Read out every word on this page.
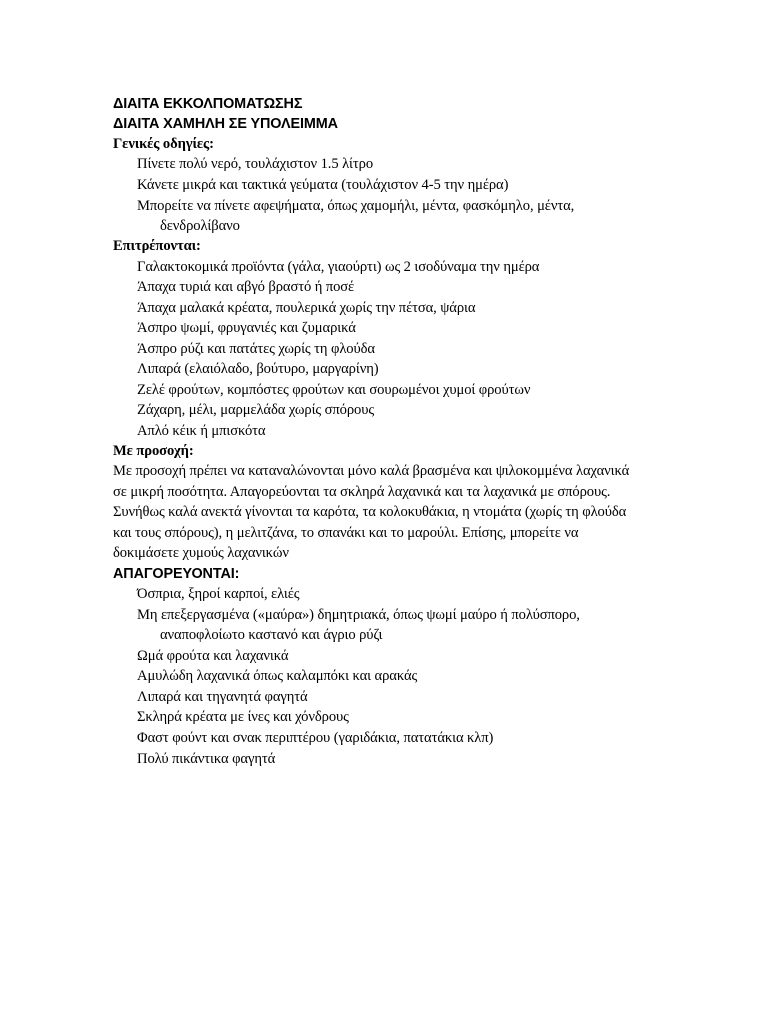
ΔΙΑΙΤΑ ΕΚΚΟΛΠΟΜΑΤΩΣΗΣ
ΔΙΑΙΤΑ ΧΑΜΗΛΗ ΣΕ ΥΠΟΛΕΙΜΜΑ
Γενικές οδηγίες:
Πίνετε πολύ νερό, τουλάχιστον 1.5 λίτρο
Κάνετε μικρά και τακτικά γεύματα (τουλάχιστον 4-5 την ημέρα)
Μπορείτε να πίνετε αφεψήματα, όπως χαμομήλι, μέντα, φασκόμηλο, μέντα,
δενδρολίβανο
Επιτρέπονται:
Γαλακτοκομικά προϊόντα (γάλα, γιαούρτι) ως 2 ισοδύναμα την ημέρα
Άπαχα τυριά και αβγό βραστό ή ποσέ
Άπαχα μαλακά κρέατα, πουλερικά χωρίς την πέτσα, ψάρια
Άσπρο ψωμί, φρυγανιές και ζυμαρικά
Άσπρο ρύζι και πατάτες χωρίς τη φλούδα
Λιπαρά (ελαιόλαδο, βούτυρο, μαργαρίνη)
Ζελέ φρούτων, κομπόστες φρούτων και σουρωμένοι χυμοί φρούτων
Ζάχαρη, μέλι, μαρμελάδα χωρίς σπόρους
Απλό κέικ ή μπισκότα
Με προσοχή:
Με προσοχή πρέπει να καταναλώνονται μόνο καλά βρασμένα και ψιλοκομμένα λαχανικά
σε μικρή ποσότητα. Απαγορεύονται τα σκληρά λαχανικά και τα λαχανικά με σπόρους.
Συνήθως καλά ανεκτά γίνονται τα καρότα, τα κολοκυθάκια, η ντομάτα (χωρίς τη φλούδα
και τους σπόρους), η μελιτζάνα, το σπανάκι και το μαρούλι. Επίσης, μπορείτε να
δοκιμάσετε χυμούς λαχανικών
ΑΠΑΓΟΡΕΥΟΝΤΑΙ:
Όσπρια, ξηροί καρποί, ελιές
Μη επεξεργασμένα («μαύρα») δημητριακά, όπως ψωμί μαύρο ή πολύσπορο,
αναποφλοίωτο καστανό και άγριο ρύζι
Ωμά φρούτα και λαχανικά
Αμυλώδη λαχανικά όπως καλαμπόκι και αρακάς
Λιπαρά και τηγανητά φαγητά
Σκληρά κρέατα με ίνες και χόνδρους
Φαστ φούντ και σνακ περιπτέρου (γαριδάκια, πατατάκια κλπ)
Πολύ πικάντικα φαγητά
